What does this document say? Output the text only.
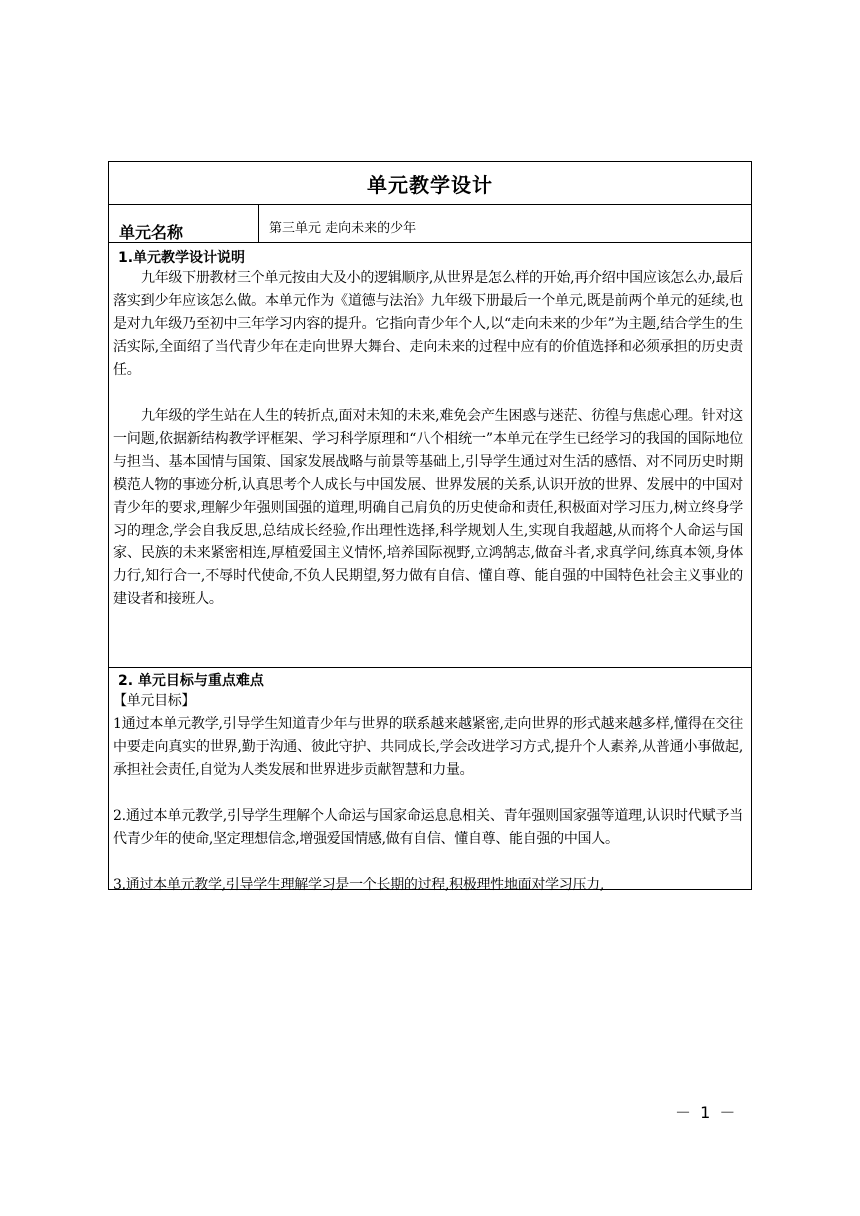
单元教学设计
单元名称	第三单元 走向未来的少年
1.单元教学设计说明

九年级下册教材三个单元按由大及小的逻辑顺序,从世界是怎么样的开始,再介绍中国应该怎么办,最后落实到少年应该怎么做。本单元作为《道德与法治》九年级下册最后一个单元,既是前两个单元的延续,也是对九年级乃至初中三年学习内容的提升。它指向青少年个人,以“走向未来的少年”为主题,结合学生的生活实际,全面绍了当代青少年在走向世界大舞台、走向未来的过程中应有的价值选择和必须承担的历史责任。

九年级的学生站在人生的转折点,面对未知的未来,难免会产生困惑与迷茫、彷徨与焦虑心理。针对这一问题,依据新结构教学评框架、学习科学原理和“八个相统一”本单元在学生已经学习的我国的国际地位与担当、基本国情与国策、国家发展战略与前景等基础上,引导学生通过对生活的感悟、对不同历史时期模范人物的事迹分析,认真思考个人成长与中国发展、世界发展的关系,认识开放的世界、发展中的中国对青少年的要求,理解少年强则国强的道理,明确自己肩负的历史使命和责任,积极面对学习压力,树立终身学习的理念,学会自我反思,总结成长经验,作出理性选择,科学规划人生,实现自我超越,从而将个人命运与国家、民族的未来紧密相连,厚植爱国主义情怀,培养国际视野,立鸿鹄志,做奋斗者,求真学问,练真本领,身体力行,知行合一,不辱时代使命,不负人民期望,努力做有自信、懂自尊、能自强的中国特色社会主义事业的建设者和接班人。

2. 单元目标与重点难点

【单元目标】

1通过本单元教学,引导学生知道青少年与世界的联系越来越紧密,走向世界的形式越来越多样,懂得在交往中要走向真实的世界,勤于沟通、彼此守护、共同成长,学会改进学习方式,提升个人素养,从普通小事做起,承担社会责任,自觉为人类发展和世界进步贡献智慧和力量。

2.通过本单元教学,引导学生理解个人命运与国家命运息息相关、青年强则国家强等道理,认识时代赋予当代青少年的使命,坚定理想信念,增强爱国情感,做有自信、懂自尊、能自强的中国人。

3.通过本单元教学,引导学生理解学习是一个长期的过程,积极理性地面对学习压力,

－ 1 －
